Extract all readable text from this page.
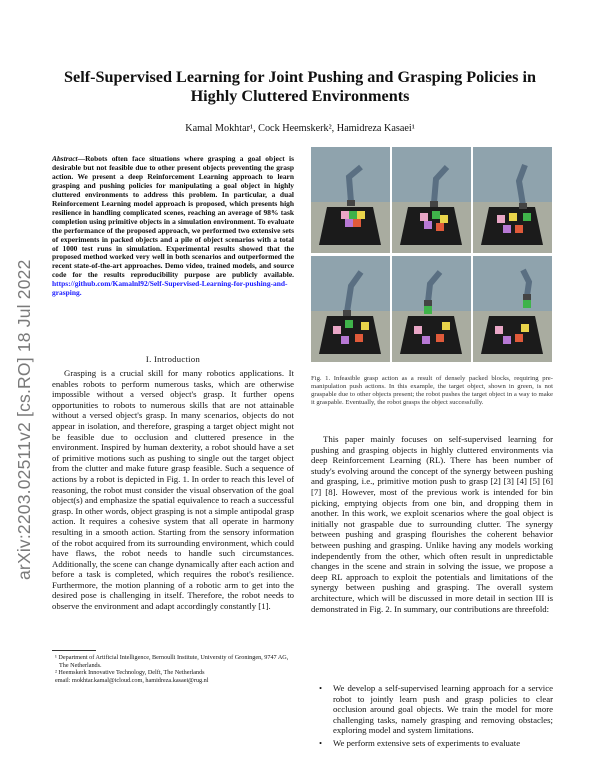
Self-Supervised Learning for Joint Pushing and Grasping Policies in Highly Cluttered Environments
Kamal Mokhtar¹, Cock Heemskerk², Hamidreza Kasaei¹
arXiv:2203.02511v2 [cs.RO] 18 Jul 2022
Abstract—Robots often face situations where grasping a goal object is desirable but not feasible due to other present objects preventing the grasp action. We present a deep Reinforcement Learning approach to learn grasping and pushing policies for manipulating a goal object in highly cluttered environments to address this problem. In particular, a dual Reinforcement Learning model approach is proposed, which presents high resilience in handling complicated scenes, reaching an average of 98% task completion using primitive objects in a simulation environment. To evaluate the performance of the proposed approach, we performed two extensive sets of experiments in packed objects and a pile of object scenarios with a total of 1000 test runs in simulation. Experimental results showed that the proposed method worked very well in both scenarios and outperformed the recent state-of-the-art approaches. Demo video, trained models, and source code for the results reproducibility purpose are publicly available. https://github.com/Kamalnl92/Self-Supervised-Learning-for-pushing-and-grasping.
I. Introduction

Grasping is a crucial skill for many robotics applications. It enables robots to perform numerous tasks, which are otherwise impossible without a versed object's grasp. It further opens opportunities to robots to numerous skills that are not attainable without a versed object's grasp. In many scenarios, objects do not appear in isolation, and therefore, grasping a target object might not be feasible due to occlusion and cluttered presence in the environment. Inspired by human dexterity, a robot should have a set of primitive motions such as pushing to single out the target object from the clutter and make future grasp feasible. Such a sequence of actions by a robot is depicted in Fig. 1. In order to reach this level of reasoning, the robot must consider the visual observation of the goal object(s) and emphasize the spatial equivalence to reach a successful grasp. In other words, object grasping is not a simple antipodal grasp action. It requires a cohesive system that all operate in harmony resulting in a smooth action. Starting from the sensory information of the robot acquired from its surrounding environment, which could have flaws, the robot needs to handle such circumstances. Additionally, the scene can change dynamically after each action and before a task is completed, which requires the robot's resilience. Furthermore, the motion planning of a robotic arm to get into the desired pose is challenging in itself. Therefore, the robot needs to observe the environment and adapt accordingly constantly [1].

¹ Department of Artificial Intelligence, Bernoulli Institute, University of Groningen, 9747 AG, The Netherlands.

² Heemskerk Innovative Technology, Delft, The Netherlands

email: mokhtar.kamal@icloud.com, hamidreza.kasaei@rug.nl

Fig. 1. Infeasible grasp action as a result of densely packed blocks, requiring pre-manipulation push actions. In this example, the target object, shown in green, is not graspable due to other objects present; the robot pushes the target object in a way to make it graspable. Eventually, the robot grasps the object successfully.

This paper mainly focuses on self-supervised learning for pushing and grasping objects in highly cluttered environments via deep Reinforcement Learning (RL). There has been number of study's evolving around the concept of the synergy between pushing and grasping, i.e., primitive motion push to grasp [2] [3] [4] [5] [6] [7] [8]. However, most of the previous work is intended for bin picking, emptying objects from one bin, and dropping them in another. In this work, we exploit scenarios where the goal object is initially not graspable due to surrounding clutter. The synergy between pushing and grasping flourishes the coherent behavior between pushing and grasping. Unlike having any models working independently from the other, which often result in unpredictable changes in the scene and strain in solving the issue, we propose a deep RL approach to exploit the potentials and limitations of the synergy between pushing and grasping. The overall system architecture, which will be discussed in more detail in section III is demonstrated in Fig. 2. In summary, our contributions are threefold:

• We develop a self-supervised learning approach for a service robot to jointly learn push and grasp policies to clear occlusion around goal objects. We train the model for more challenging tasks, namely grasping and removing obstacles; exploring model and system limitations.
• We perform extensive sets of experiments to evaluate
